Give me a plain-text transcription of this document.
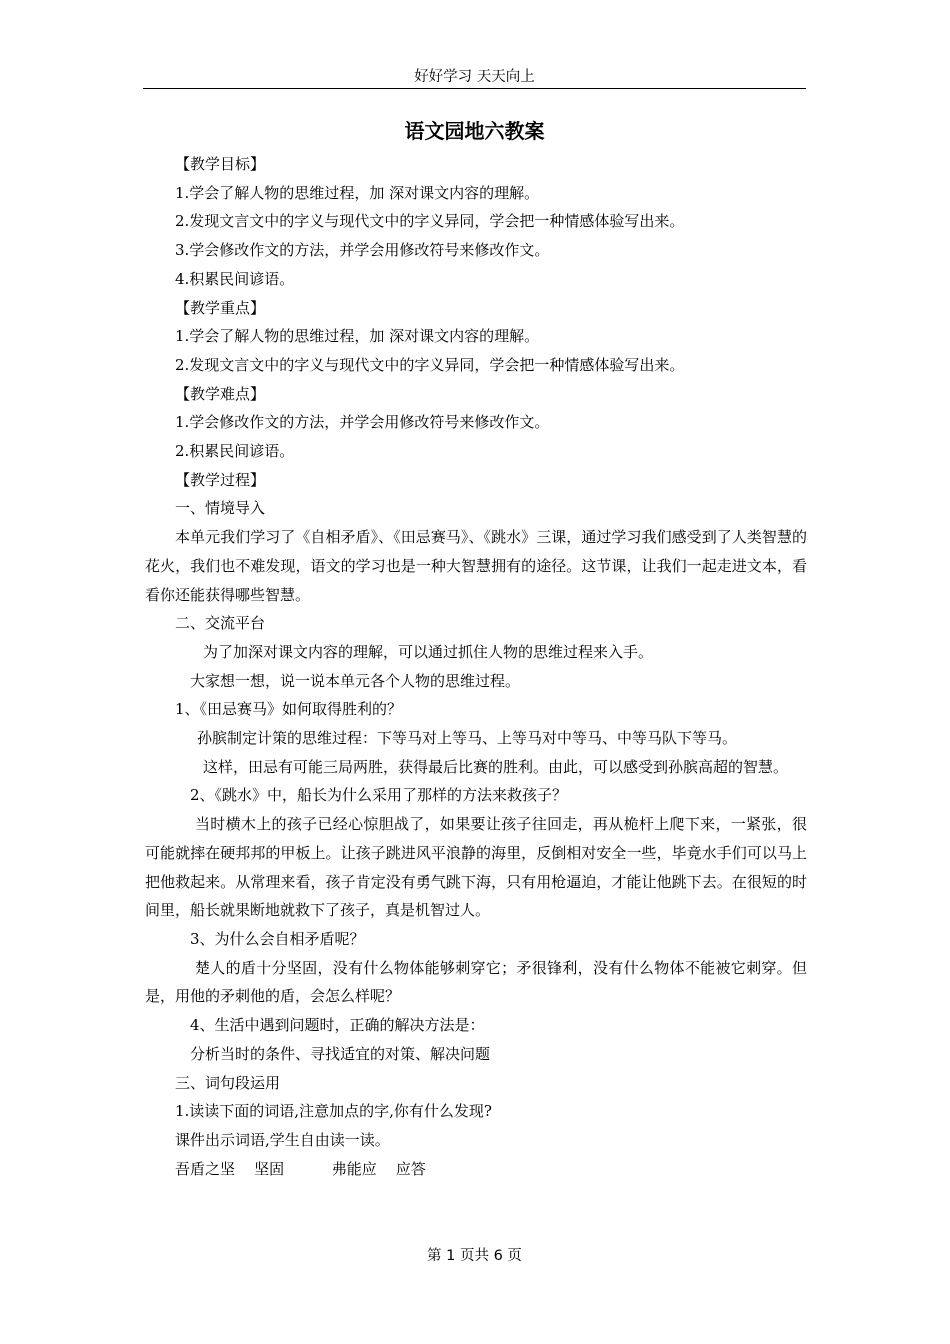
好好学习 天天向上
语文园地六教案

【教学目标】

1.学会了解人物的思维过程，加 深对课文内容的理解。

2.发现文言文中的字义与现代文中的字义异同，学会把一种情感体验写出来。

3.学会修改作文的方法，并学会用修改符号来修改作文。

4.积累民间谚语。

【教学重点】

1.学会了解人物的思维过程，加 深对课文内容的理解。

2.发现文言文中的字义与现代文中的字义异同，学会把一种情感体验写出来。

【教学难点】

1.学会修改作文的方法，并学会用修改符号来修改作文。

2.积累民间谚语。

【教学过程】

一、情境导入

本单元我们学习了《自相矛盾》、《田忌赛马》、《跳水》三课，通过学习我们感受到了人类智慧的花火，我们也不难发现，语文的学习也是一种大智慧拥有的途径。这节课，让我们一起走进文本，看看你还能获得哪些智慧。

二、交流平台

为了加深对课文内容的理解，可以通过抓住人物的思维过程来入手。

大家想一想，说一说本单元各个人物的思维过程。

1、《田忌赛马》如何取得胜利的？

孙膑制定计策的思维过程：下等马对上等马、上等马对中等马、中等马队下等马。

这样，田忌有可能三局两胜，获得最后比赛的胜利。由此，可以感受到孙膑高超的智慧。

2、《跳水》中，船长为什么采用了那样的方法来救孩子？

当时横木上的孩子已经心惊胆战了，如果要让孩子往回走，再从桅杆上爬下来，一紧张，很可能就摔在硬邦邦的甲板上。让孩子跳进风平浪静的海里，反倒相对安全一些，毕竟水手们可以马上把他救起来。从常理来看，孩子肯定没有勇气跳下海，只有用枪逼迫，才能让他跳下去。在很短的时间里，船长就果断地就救下了孩子，真是机智过人。

3、为什么会自相矛盾呢？

楚人的盾十分坚固，没有什么物体能够刺穿它；矛很锋利，没有什么物体不能被它刺穿。但是，用他的矛刺他的盾，会怎么样呢？

4、生活中遇到问题时，正确的解决方法是：

分析当时的条件、寻找适宜的对策、解决问题

三、词句段运用

1.读读下面的词语,注意加点的字,你有什么发现?

课件出示词语,学生自由读一读。

吾盾之坚    坚固          弗能应    应答

第 1 页共 6 页
